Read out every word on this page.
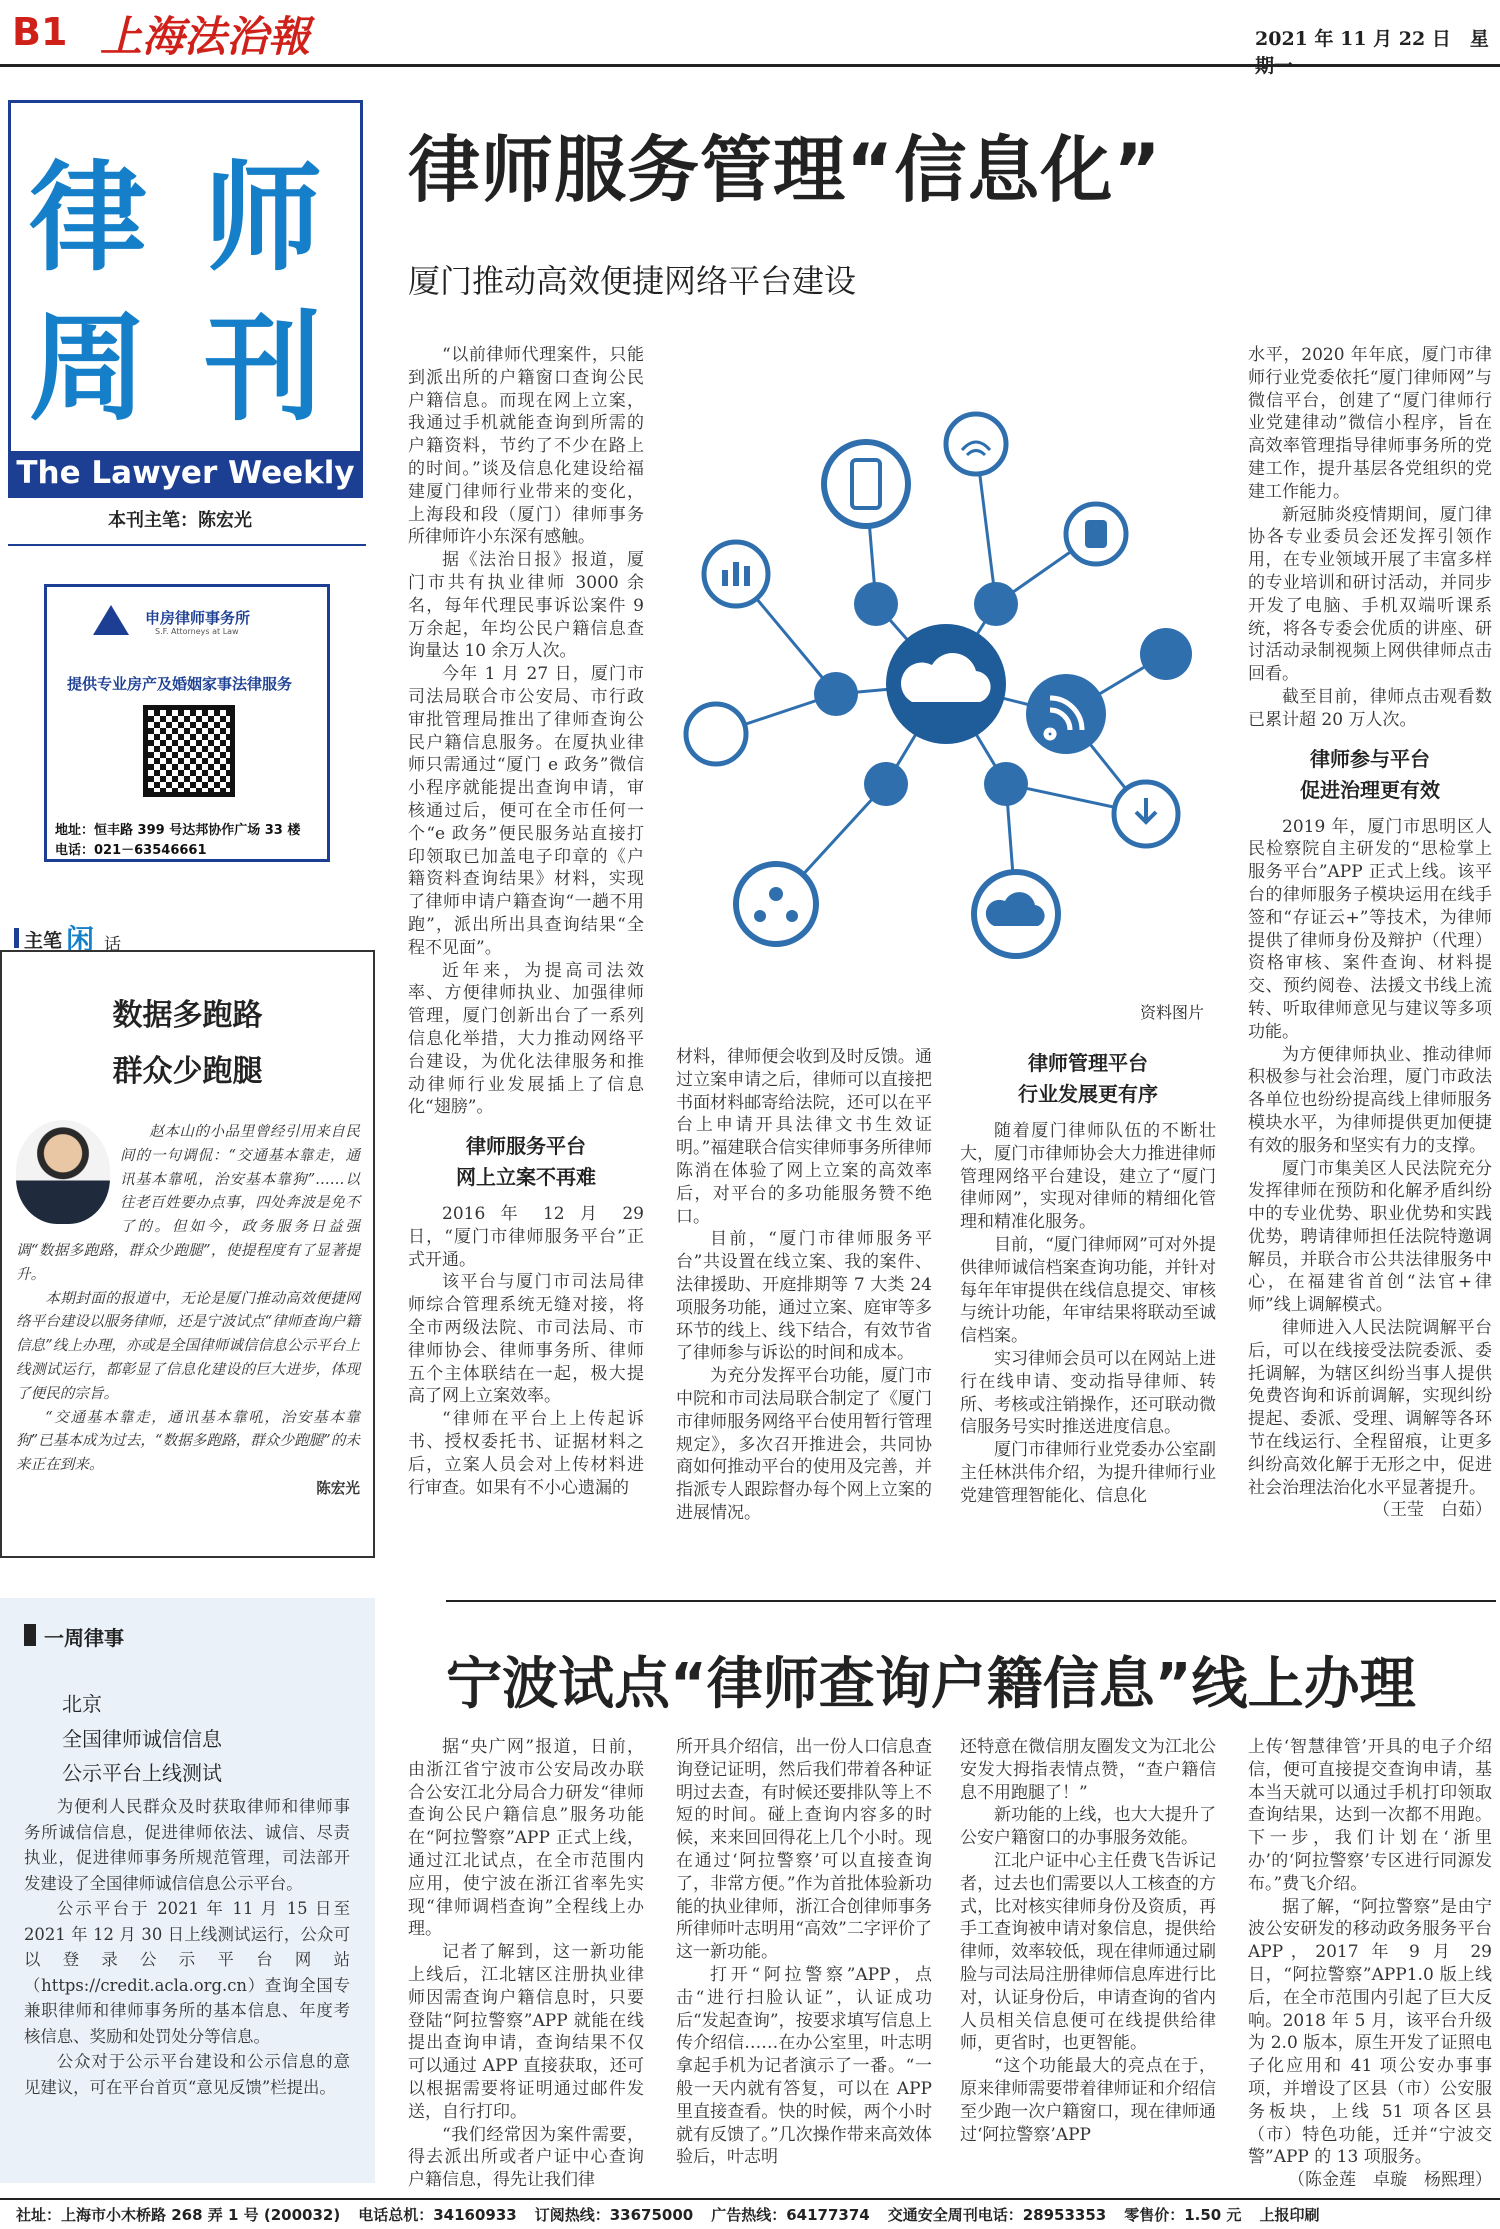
B1 上海法治報	2021 年 11 月 22 日　星
律 师
周 刊
The Lawyer Weekly
本刊主笔：陈宏光
申房律师事务所
S.F. Attorneys at Law
提供专业房产及婚姻家事法律服务
地址：恒丰路 399 号达邦协作广场 33 楼
电话：021－63546661
主笔 闲 话
数据多跑路
群众少跑腿

赵本山的小品里曾经引用来自民间的一句调侃：“交通基本靠走，通讯基本靠吼，治安基本靠狗”……以往老百姓要办点事，四处奔波是免不了的。但如今，政务服务日益强调“数据多跑路，群众少跑腿”，使提程度有了显著提升。

本期封面的报道中，无论是厦门推动高效便捷网络平台建设以服务律师，还是宁波试点“律师查询户籍信息”线上办理，亦或是全国律师诚信信息公示平台上线测试运行，都彰显了信息化建设的巨大进步，体现了便民的宗旨。

“交通基本靠走，通讯基本靠吼，治安基本靠狗”已基本成为过去，“数据多跑路，群众少跑腿”的未来正在到来。

陈宏光

律师服务管理“信息化”
厦门推动高效便捷网络平台建设
资料图片

“以前律师代理案件，只能到派出所的户籍窗口查询公民户籍信息。而现在网上立案，我通过手机就能查询到所需的户籍资料，节约了不少在路上的时间。”谈及信息化建设给福建厦门律师行业带来的变化，上海段和段（厦门）律师事务所律师许小东深有感触。

据《法治日报》报道，厦门市共有执业律师 3000 余名，每年代理民事诉讼案件 9 万余起，年均公民户籍信息查询量达 10 余万人次。

今年 1 月 27 日，厦门市司法局联合市公安局、市行政审批管理局推出了律师查询公民户籍信息服务。在厦执业律师只需通过“厦门 e 政务”微信小程序就能提出查询申请，审核通过后，便可在全市任何一个“e 政务”便民服务站直接打印领取已加盖电子印章的《户籍资料查询结果》材料，实现了律师申请户籍查询“一趟不用跑”，派出所出具查询结果“全程不见面”。

近年来，为提高司法效率、方便律师执业、加强律师管理，厦门创新出台了一系列信息化举措，大力推动网络平台建设，为优化法律服务和推动律师行业发展插上了信息化“翅膀”。

律师服务平台
网上立案不再难

2016 年 12 月 29 日，“厦门市律师服务平台”正式开通。

该平台与厦门市司法局律师综合管理系统无缝对接，将全市两级法院、市司法局、市律师协会、律师事务所、律师五个主体联结在一起，极大提高了网上立案效率。

“律师在平台上上传起诉书、授权委托书、证据材料之后，立案人员会对上传材料进行审查。如果有不小心遗漏的

材料，律师便会收到及时反馈。通过立案申请之后，律师可以直接把书面材料邮寄给法院，还可以在平台上申请开具法律文书生效证明。”福建联合信实律师事务所律师陈消在体验了网上立案的高效率后，对平台的多功能服务赞不绝口。

目前，“厦门市律师服务平台”共设置在线立案、我的案件、法律援助、开庭排期等 7 大类 24 项服务功能，通过立案、庭审等多环节的线上、线下结合，有效节省了律师参与诉讼的时间和成本。

为充分发挥平台功能，厦门市中院和市司法局联合制定了《厦门市律师服务网络平台使用暂行管理规定》，多次召开推进会，共同协商如何推动平台的使用及完善，并指派专人跟踪督办每个网上立案的进展情况。

律师管理平台
行业发展更有序

随着厦门律师队伍的不断壮大，厦门市律师协会大力推进律师管理网络平台建设，建立了“厦门律师网”，实现对律师的精细化管理和精准化服务。

目前，“厦门律师网”可对外提供律师诚信档案查询功能，并针对每年年审提供在线信息提交、审核与统计功能，年审结果将联动至诚信档案。

实习律师会员可以在网站上进行在线申请、变动指导律师、转所、考核或注销操作，还可联动微信服务号实时推送进度信息。

厦门市律师行业党委办公室副主任林洪伟介绍，为提升律师行业党建管理智能化、信息化

水平，2020 年年底，厦门市律师行业党委依托“厦门律师网”与微信平台，创建了“厦门律师行业党建律动”微信小程序，旨在高效率管理指导律师事务所的党建工作，提升基层各党组织的党建工作能力。

新冠肺炎疫情期间，厦门律协各专业委员会还发挥引领作用，在专业领域开展了丰富多样的专业培训和研讨活动，并同步开发了电脑、手机双端听课系统，将各专委会优质的讲座、研讨活动录制视频上网供律师点击回看。

截至目前，律师点击观看数已累计超 20 万人次。

律师参与平台
促进治理更有效

2019 年，厦门市思明区人民检察院自主研发的“思检掌上服务平台”APP 正式上线。该平台的律师服务子模块运用在线手签和“存证云+”等技术，为律师提供了律师身份及辩护（代理）资格审核、案件查询、材料提交、预约阅卷、法援文书线上流转、听取律师意见与建议等多项功能。

为方便律师执业、推动律师积极参与社会治理，厦门市政法各单位也纷纷提高线上律师服务模块水平，为律师提供更加便捷有效的服务和坚实有力的支撑。

厦门市集美区人民法院充分发挥律师在预防和化解矛盾纠纷中的专业优势、职业优势和实践优势，聘请律师担任法院特邀调解员，并联合市公共法律服务中心，在福建省首创“法官+律师”线上调解模式。

律师进入人民法院调解平台后，可以在线接受法院委派、委托调解，为辖区纠纷当事人提供免费咨询和诉前调解，实现纠纷提起、委派、受理、调解等各环节在线运行、全程留痕，让更多纠纷高效化解于无形之中，促进社会治理法治化水平显著提升。

（王莹　白茹）

一周律事
北京
全国律师诚信信息
公示平台上线测试

为便利人民群众及时获取律师和律师事务所诚信信息，促进律师依法、诚信、尽责执业，促进律师事务所规范管理，司法部开发建设了全国律师诚信信息公示平台。

公示平台于 2021 年 11 月 15 日至 2021 年 12 月 30 日上线测试运行，公众可以登录公示平台网站（https://credit.acla.org.cn）查询全国专兼职律师和律师事务所的基本信息、年度考核信息、奖励和处罚处分等信息。

公众对于公示平台建设和公示信息的意见建议，可在平台首页“意见反馈”栏提出。

宁波试点“律师查询户籍信息”线上办理

据“央广网”报道，日前，由浙江省宁波市公安局改办联合公安江北分局合力研发“律师查询公民户籍信息”服务功能在“阿拉警察”APP 正式上线，通过江北试点，在全市范围内应用，使宁波在浙江省率先实现“律师调档查询”全程线上办理。

记者了解到，这一新功能上线后，江北辖区注册执业律师因需查询户籍信息时，只要登陆“阿拉警察”APP 就能在线提出查询申请，查询结果不仅可以通过 APP 直接获取，还可以根据需要将证明通过邮件发送，自行打印。

“我们经常因为案件需要，得去派出所或者户证中心查询户籍信息，得先让我们律

所开具介绍信，出一份人口信息查询登记证明，然后我们带着各种证明过去查，有时候还要排队等上不短的时间。碰上查询内容多的时候，来来回回得花上几个小时。现在通过‘阿拉警察’可以直接查询了，非常方便。”作为首批体验新功能的执业律师，浙江合创律师事务所律师叶志明用“高效”二字评价了这一新功能。

打开“阿拉警察”APP，点击“进行扫脸认证”，认证成功后“发起查询”，按要求填写信息上传介绍信……在办公室里，叶志明拿起手机为记者演示了一番。“一般一天内就有答复，可以在 APP 里直接查看。快的时候，两个小时就有反馈了。”几次操作带来高效体验后，叶志明

还特意在微信朋友圈发文为江北公安发大拇指表情点赞，“查户籍信息不用跑腿了！”

新功能的上线，也大大提升了公安户籍窗口的办事服务效能。

江北户证中心主任费飞告诉记者，过去也们需要以人工核查的方式，比对核实律师身份及资质，再手工查询被申请对象信息，提供给律师，效率较低，现在律师通过刷脸与司法局注册律师信息库进行比对，认证身份后，申请查询的省内人员相关信息便可在线提供给律师，更省时，也更智能。

“这个功能最大的亮点在于，原来律师需要带着律师证和介绍信至少跑一次户籍窗口，现在律师通过‘阿拉警察’APP

上传‘智慧律管’开具的电子介绍信，便可直接提交查询申请，基本当天就可以通过手机打印领取查询结果，达到一次都不用跑。下一步，我们计划在‘浙里办’的‘阿拉警察’专区进行同源发布。”费飞介绍。

据了解，“阿拉警察”是由宁波公安研发的移动政务服务平台 APP，2017 年 9 月 29 日，“阿拉警察”APP1.0 版上线后，在全市范围内引起了巨大反响。2018 年 5 月，该平台升级为 2.0 版本，原生开发了证照电子化应用和 41 项公安办事事项，并增设了区县（市）公安服务板块，上线 51 项各区县（市）特色功能，迁并“宁波交警”APP 的 13 项服务。

（陈金莲　卓璇　杨熙理）

社址：上海市小木桥路 268 弄 1 号 (200032) 电话总机：34160933 订阅热线：33675000 广告热线：64177374 交通安全周刊电话：28953353 零售价：1.50 元 上报印刷
